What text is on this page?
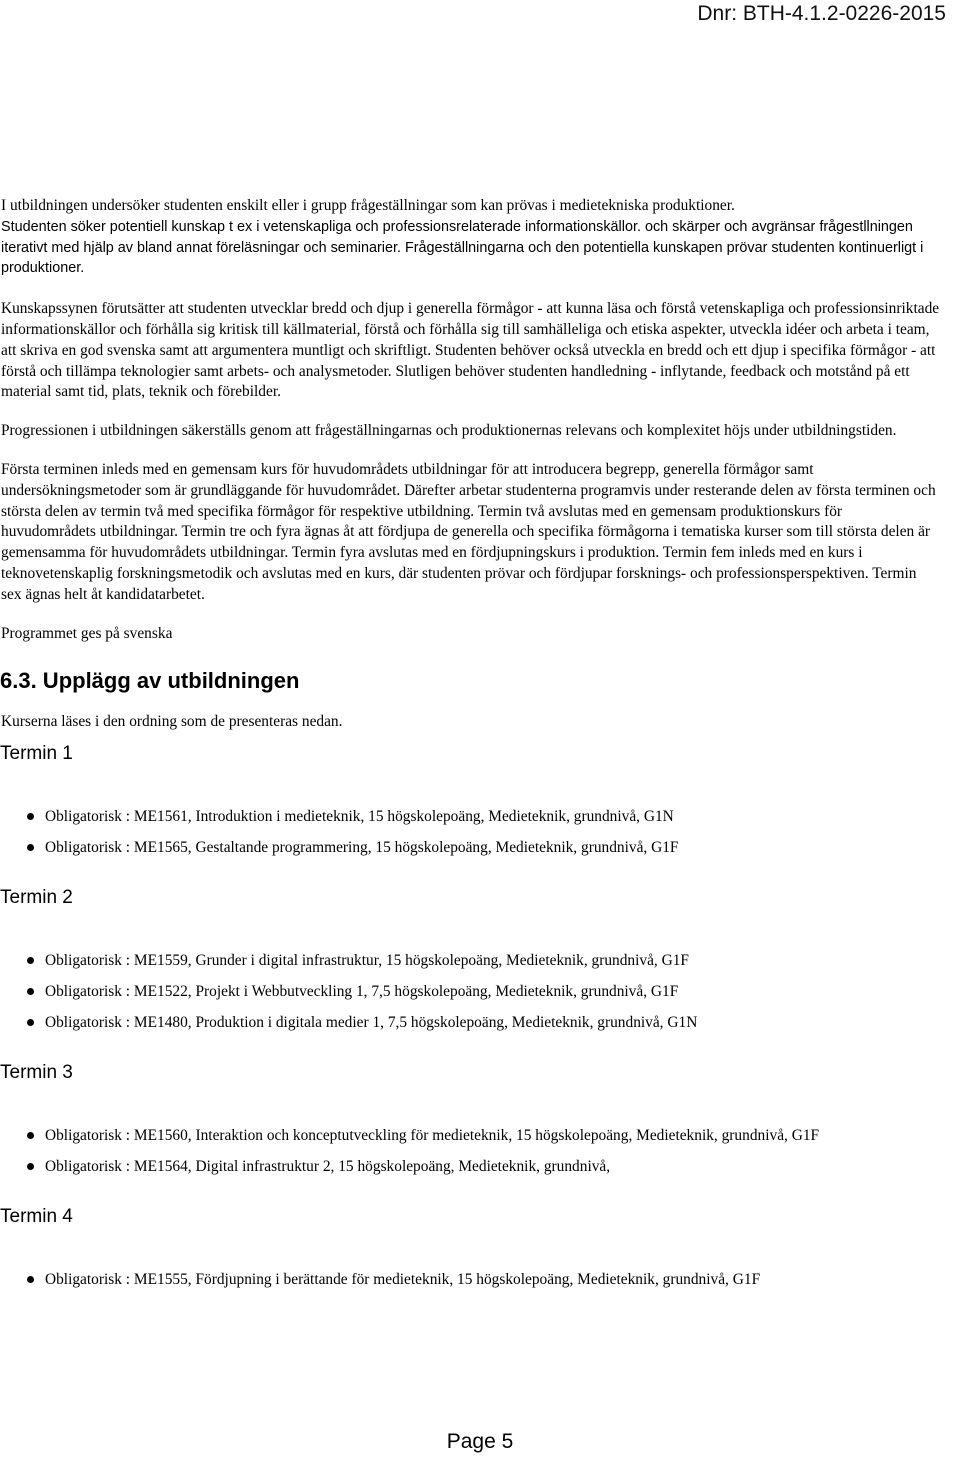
Dnr: BTH-4.1.2-0226-2015

I utbildningen undersöker studenten enskilt eller i grupp frågeställningar som kan prövas i medietekniska produktioner.
Studenten söker potentiell kunskap t ex i vetenskapliga och professionsrelaterade informationskällor. och skärper och avgränsar frågestllningen iterativt med hjälp av bland annat föreläsningar och seminarier. Frågeställningarna och den potentiella kunskapen prövar studenten kontinuerligt i produktioner.

Kunskapssynen förutsätter att studenten utvecklar bredd och djup i generella förmågor - att kunna läsa och förstå vetenskapliga och professionsinriktade informationskällor och förhålla sig kritisk till källmaterial, förstå och förhålla sig till samhälleliga och etiska aspekter, utveckla idéer och arbeta i team, att skriva en god svenska samt att argumentera muntligt och skriftligt. Studenten behöver också utveckla en bredd och ett djup i specifika förmågor - att förstå och tillämpa teknologier samt arbets- och analysmetoder. Slutligen behöver studenten handledning - inflytande, feedback och motstånd på ett material samt tid, plats, teknik och förebilder.

Progressionen i utbildningen säkerställs genom att frågeställningarnas och produktionernas relevans och komplexitet höjs under utbildningstiden.

Första terminen inleds med en gemensam kurs för huvudområdets utbildningar för att introducera begrepp, generella förmågor samt undersökningsmetoder som är grundläggande för huvudområdet. Därefter arbetar studenterna programvis under resterande delen av första terminen och största delen av termin två med specifika förmågor för respektive utbildning. Termin två avslutas med en gemensam produktionskurs för huvudområdets utbildningar. Termin tre och fyra ägnas åt att fördjupa de generella och specifika förmågorna i tematiska kurser som till största delen är gemensamma för huvudområdets utbildningar. Termin fyra avslutas med en fördjupningskurs i produktion. Termin fem inleds med en kurs i teknovetenskaplig forskningsmetodik och avslutas med en kurs, där studenten prövar och fördjupar forsknings- och professionsperspektiven. Termin sex ägnas helt åt kandidatarbetet.

Programmet ges på svenska

6.3. Upplägg av utbildningen

Kurserna läses i den ordning som de presenteras nedan.

Termin 1
Obligatorisk : ME1561, Introduktion i medieteknik, 15 högskolepoäng, Medieteknik, grundnivå, G1N
Obligatorisk : ME1565, Gestaltande programmering, 15 högskolepoäng, Medieteknik, grundnivå, G1F
Termin 2
Obligatorisk : ME1559, Grunder i digital infrastruktur, 15 högskolepoäng, Medieteknik, grundnivå, G1F
Obligatorisk : ME1522, Projekt i Webbutveckling 1, 7,5 högskolepoäng, Medieteknik, grundnivå, G1F
Obligatorisk : ME1480, Produktion i digitala medier 1, 7,5 högskolepoäng, Medieteknik, grundnivå, G1N
Termin 3
Obligatorisk : ME1560, Interaktion och konceptutveckling för medieteknik, 15 högskolepoäng, Medieteknik, grundnivå, G1F
Obligatorisk : ME1564, Digital infrastruktur 2, 15 högskolepoäng, Medieteknik, grundnivå,
Termin 4
Obligatorisk : ME1555, Fördjupning i berättande för medieteknik, 15 högskolepoäng, Medieteknik, grundnivå, G1F
Page 5
